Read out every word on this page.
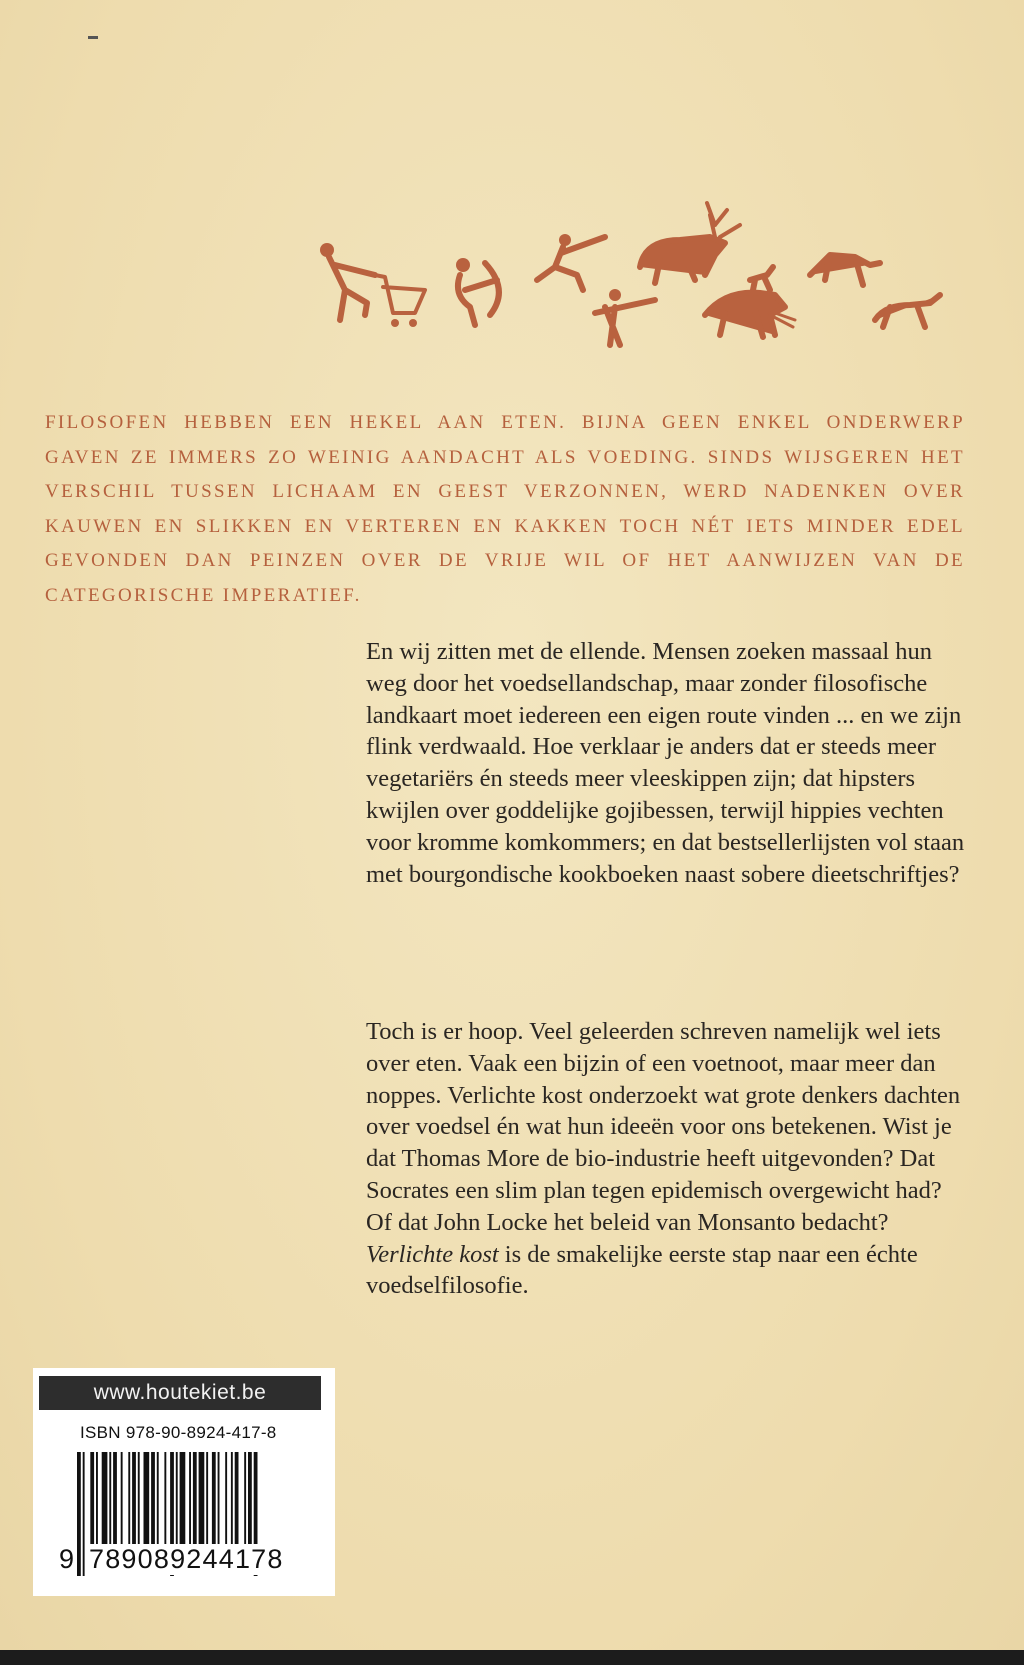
FILOSOFEN HEBBEN EEN HEKEL AAN ETEN. BIJNA GEEN ENKEL ONDERWERP GAVEN ZE IMMERS ZO WEINIG AANDACHT ALS VOEDING. SINDS WIJSGEREN HET VERSCHIL TUSSEN LICHAAM EN GEEST VERZONNEN, WERD NADENKEN OVER KAUWEN EN SLIKKEN EN VERTEREN EN KAKKEN TOCH NÉT IETS MINDER EDEL GEVONDEN DAN PEINZEN OVER DE VRIJE WIL OF HET AANWIJZEN VAN DE CATEGORISCHE IMPERATIEF.
En wij zitten met de ellende. Mensen zoeken massaal hun weg door het voedsellandschap, maar zonder filosofische landkaart moet iedereen een eigen route vinden ... en we zijn flink verdwaald. Hoe verklaar je anders dat er steeds meer vegetariërs én steeds meer vleeskippen zijn; dat hipsters kwijlen over goddelijke gojibessen, terwijl hippies vechten voor kromme komkommers; en dat bestsellerlijsten vol staan met bourgondische kookboeken naast sobere dieetschriftjes?
Toch is er hoop. Veel geleerden schreven namelijk wel iets over eten. Vaak een bijzin of een voetnoot, maar meer dan noppes. Verlichte kost onderzoekt wat grote denkers dachten over voedsel én wat hun ideeën voor ons betekenen. Wist je dat Thomas More de bio-industrie heeft uitgevonden? Dat Socrates een slim plan tegen epidemisch overgewicht had? Of dat John Locke het beleid van Monsanto bedacht?
Verlichte kost is de smakelijke eerste stap naar een échte voedselfilosofie.
www.houtekiet.be
ISBN 978-90-8924-417-8
9 789089244178
